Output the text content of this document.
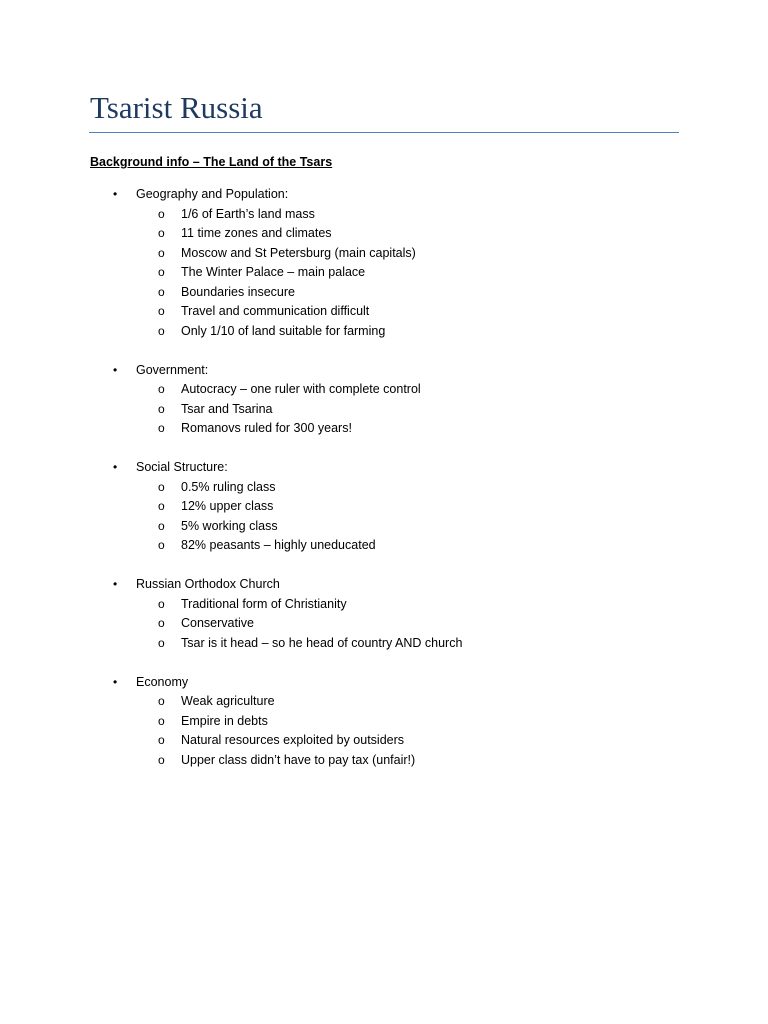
Tsarist Russia

Background info – The Land of the Tsars

• Geography and Population:
o 1/6 of Earth’s land mass
o 11 time zones and climates
o Moscow and St Petersburg (main capitals)
o The Winter Palace – main palace
o Boundaries insecure
o Travel and communication difficult
o Only 1/10 of land suitable for farming
• Government:
o Autocracy – one ruler with complete control
o Tsar and Tsarina
o Romanovs ruled for 300 years!
• Social Structure:
o 0.5% ruling class
o 12% upper class
o 5% working class
o 82% peasants – highly uneducated
• Russian Orthodox Church
o Traditional form of Christianity
o Conservative
o Tsar is it head – so he head of country AND church
• Economy
o Weak agriculture
o Empire in debts
o Natural resources exploited by outsiders
o Upper class didn’t have to pay tax (unfair!)
